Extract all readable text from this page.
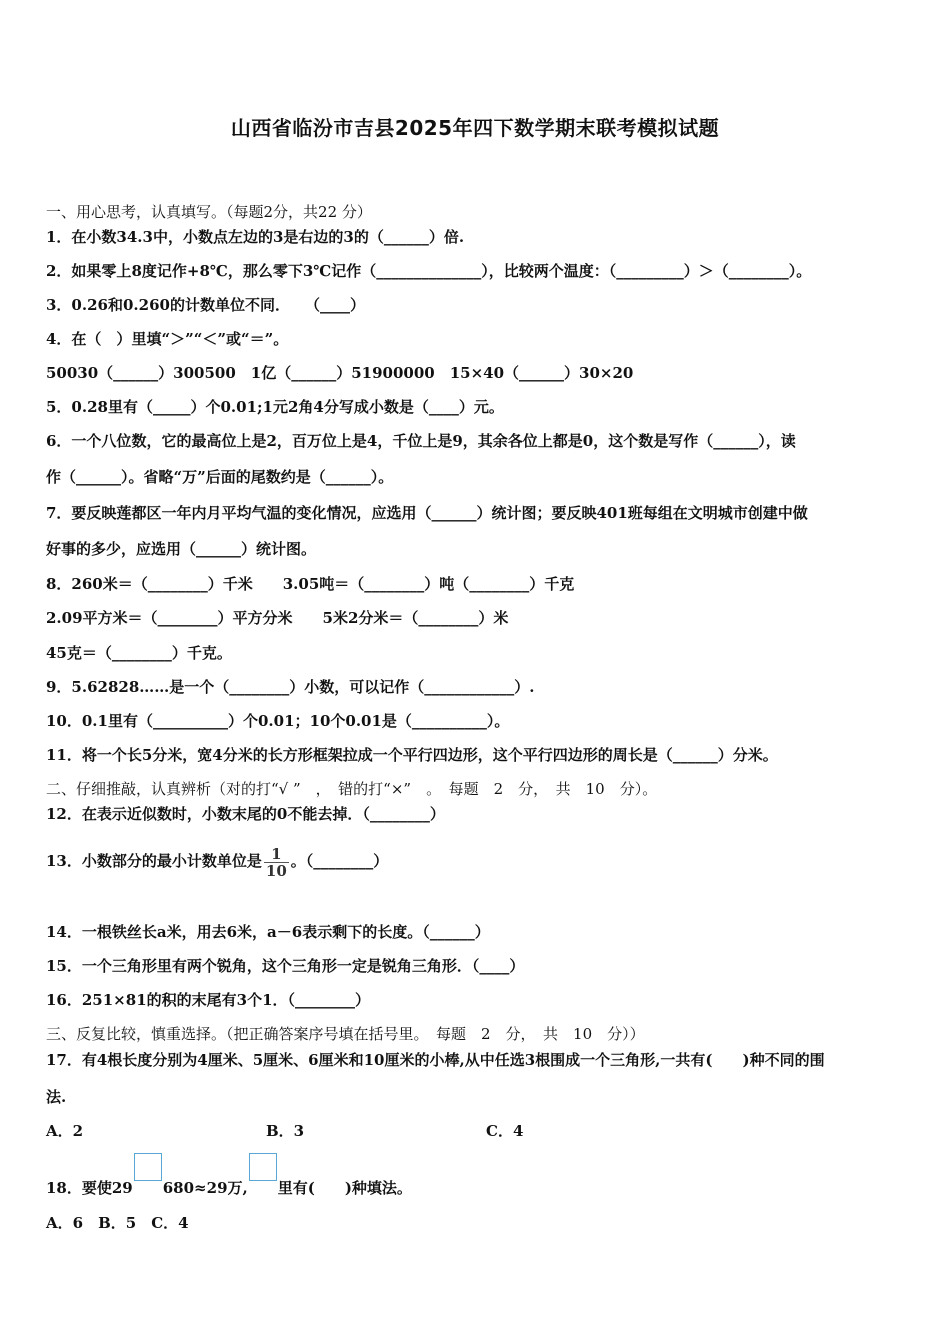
山西省临汾市吉县2025年四下数学期末联考模拟试题
一、用心思考，认真填写。（每题2分，共22 分）
1．在小数34.3中，小数点左边的3是右边的3的（______）倍.
2．如果零上8度记作+8℃，那么零下3℃记作（______________），比较两个温度：（_________）＞（________）。
3．0.26和0.260的计数单位不同．　　（____）
4．在（　）里填“＞”“＜”或“＝”。
50030（______）300500　1亿（______）51900000　15×40（______）30×20
5．0.28里有（_____）个0.01;1元2角4分写成小数是（____）元。
6．一个八位数，它的最高位上是2，百万位上是4，千位上是9，其余各位上都是0，这个数是写作（______），读
作（______）。省略“万”后面的尾数约是（______）。
7．要反映莲都区一年内月平均气温的变化情况，应选用（______）统计图；要反映401班每组在文明城市创建中做
好事的多少，应选用（______）统计图。
8．260米＝（________）千米　　3.05吨＝（________）吨（________）千克
2.09平方米＝（________）平方分米　　5米2分米＝（________）米
45克＝（________）千克。
9．5.62828……是一个（________）小数，可以记作（____________）.
10．0.1里有（__________）个0.01；10个0.01是（__________）。
11．将一个长5分米，宽4分米的长方形框架拉成一个平行四边形，这个平行四边形的周长是（______）分米。
二、仔细推敲，认真辨析（对的打“√ ”　，　错的打“×”　。　每题　2　分，　共　10　分）。
12．在表示近似数时，小数末尾的0不能去掉．（________）
13．小数部分的最小计数单位是 $\frac{1}{10}$ 。（________）
14．一根铁丝长a米，用去6米，a－6表示剩下的长度。（______）
15．一个三角形里有两个锐角，这个三角形一定是锐角三角形．（____）
16．251×81的积的末尾有3个1．（________）
三、反复比较，慎重选择。（把正确答案序号填在括号里。　每题　2　分，　共　10　分））
17．有4根长度分别为4厘米、5厘米、6厘米和10厘米的小棒,从中任选3根围成一个三角形,一共有(　　)种不同的围
法.
A．2	B．3	C．4
18．要使29 680≈29万, 里有(　　)种填法。
A．6　B．5　C．4
